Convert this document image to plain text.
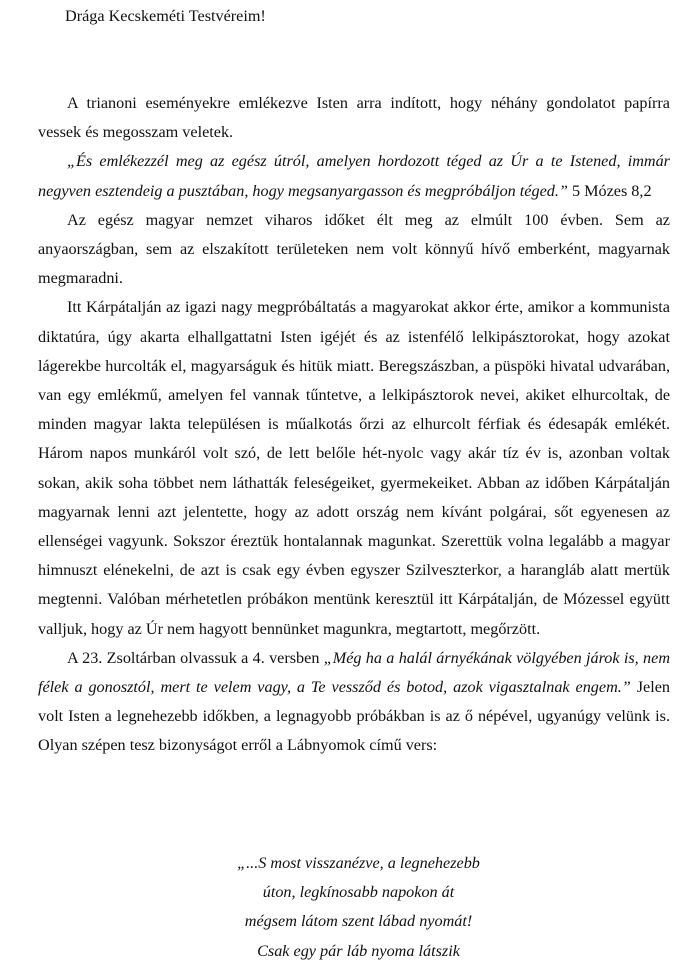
Drága Kecskeméti Testvéreim!

A trianoni eseményekre emlékezve Isten arra indított, hogy néhány gondolatot papírra vessek és megosszam veletek.

„És emlékezzél meg az egész útról, amelyen hordozott téged az Úr a te Istened, immár negyven esztendeig a pusztában, hogy megsanyargasson és megpróbáljon téged.” 5 Mózes 8,2

Az egész magyar nemzet viharos időket élt meg az elmúlt 100 évben. Sem az anyaországban, sem az elszakított területeken nem volt könnyű hívő emberként, magyarnak megmaradni.

Itt Kárpátalján az igazi nagy megpróbáltatás a magyarokat akkor érte, amikor a kommunista diktatúra, úgy akarta elhallgattatni Isten igéjét és az istenfélő lelkipásztorokat, hogy azokat lágerekbe hurcolták el, magyarságuk és hitük miatt. Beregszászban, a püspöki hivatal udvarában, van egy emlékmű, amelyen fel vannak tűntetve, a lelkipásztorok nevei, akiket elhurcoltak, de minden magyar lakta településen is műalkotás őrzi az elhurcolt férfiak és édesapák emlékét. Három napos munkáról volt szó, de lett belőle hét-nyolc vagy akár tíz év is, azonban voltak sokan, akik soha többet nem láthatták feleségeiket, gyermekeiket. Abban az időben Kárpátalján magyarnak lenni azt jelentette, hogy az adott ország nem kívánt polgárai, sőt egyenesen az ellenségei vagyunk. Sokszor éreztük hontalannak magunkat. Szerettük volna legalább a magyar himnuszt elénekelni, de azt is csak egy évben egyszer Szilveszterkor, a harangláb alatt mertük megtenni. Valóban mérhetetlen próbákon mentünk keresztül itt Kárpátalján, de Mózessel együtt valljuk, hogy az Úr nem hagyott bennünket magunkra, megtartott, megőrzött.

A 23. Zsoltárban olvassuk a 4. versben „Még ha a halál árnyékának völgyében járok is, nem félek a gonosztól, mert te velem vagy, a Te vessződ és botod, azok vigasztalnak engem.” Jelen volt Isten a legnehezebb időkben, a legnagyobb próbákban is az ő népével, ugyanúgy velünk is. Olyan szépen tesz bizonyságot erről a Lábnyomok című vers:

„...S most visszanézve, a legnehezebb
úton, legkínosabb napokon át
mégsem látom szent lábad nyomát!
Csak egy pár láb nyoma látszik
